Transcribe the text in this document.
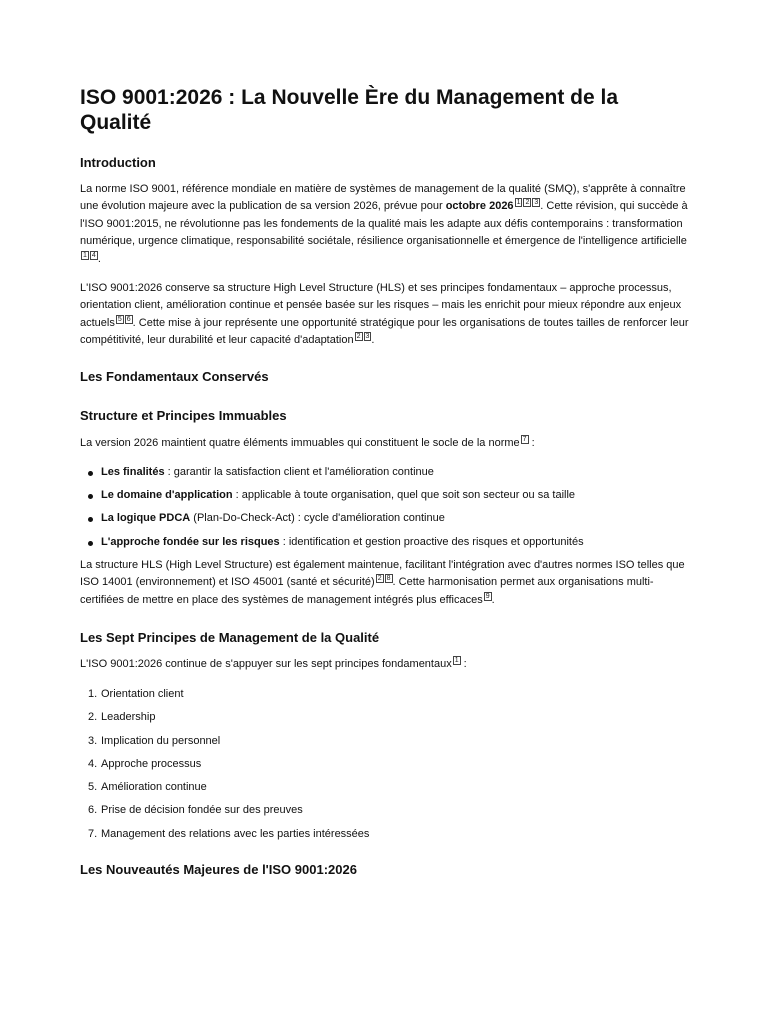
ISO 9001:2026 : La Nouvelle Ère du Management de la Qualité
Introduction

La norme ISO 9001, référence mondiale en matière de systèmes de management de la qualité (SMQ), s'apprête à connaître une évolution majeure avec la publication de sa version 2026, prévue pour octobre 2026 1 2 3 . Cette révision, qui succède à l'ISO 9001:2015, ne révolutionne pas les fondements de la qualité mais les adapte aux défis contemporains : transformation numérique, urgence climatique, responsabilité sociétale, résilience organisationnelle et émergence de l'intelligence artificielle1 4 .

L'ISO 9001:2026 conserve sa structure High Level Structure (HLS) et ses principes fondamentaux – approche processus, orientation client, amélioration continue et pensée basée sur les risques – mais les enrichit pour mieux répondre aux enjeux actuels 5 6 . Cette mise à jour représente une opportunité stratégique pour les organisations de toutes tailles de renforcer leur compétitivité, leur durabilité et leur capacité d'adaptation 2 3 .

Les Fondamentaux Conservés
Structure et Principes Immuables

La version 2026 maintient quatre éléments immuables qui constituent le socle de la norme 7 :

Les finalités : garantir la satisfaction client et l'amélioration continue
Le domaine d'application : applicable à toute organisation, quel que soit son secteur ou sa taille
La logique PDCA (Plan-Do-Check-Act) : cycle d'amélioration continue
L'approche fondée sur les risques : identification et gestion proactive des risques et opportunités

La structure HLS (High Level Structure) est également maintenue, facilitant l'intégration avec d'autres normes ISO telles que ISO 14001 (environnement) et ISO 45001 (santé et sécurité) 2 8 . Cette harmonisation permet aux organisations multi-certifiées de mettre en place des systèmes de management intégrés plus efficaces 9 .

Les Sept Principes de Management de la Qualité

L'ISO 9001:2026 continue de s'appuyer sur les sept principes fondamentaux 1 :

1. Orientation client
2. Leadership
3. Implication du personnel
4. Approche processus
5. Amélioration continue
6. Prise de décision fondée sur des preuves
7. Management des relations avec les parties intéressées
Les Nouveautés Majeures de l'ISO 9001:2026
